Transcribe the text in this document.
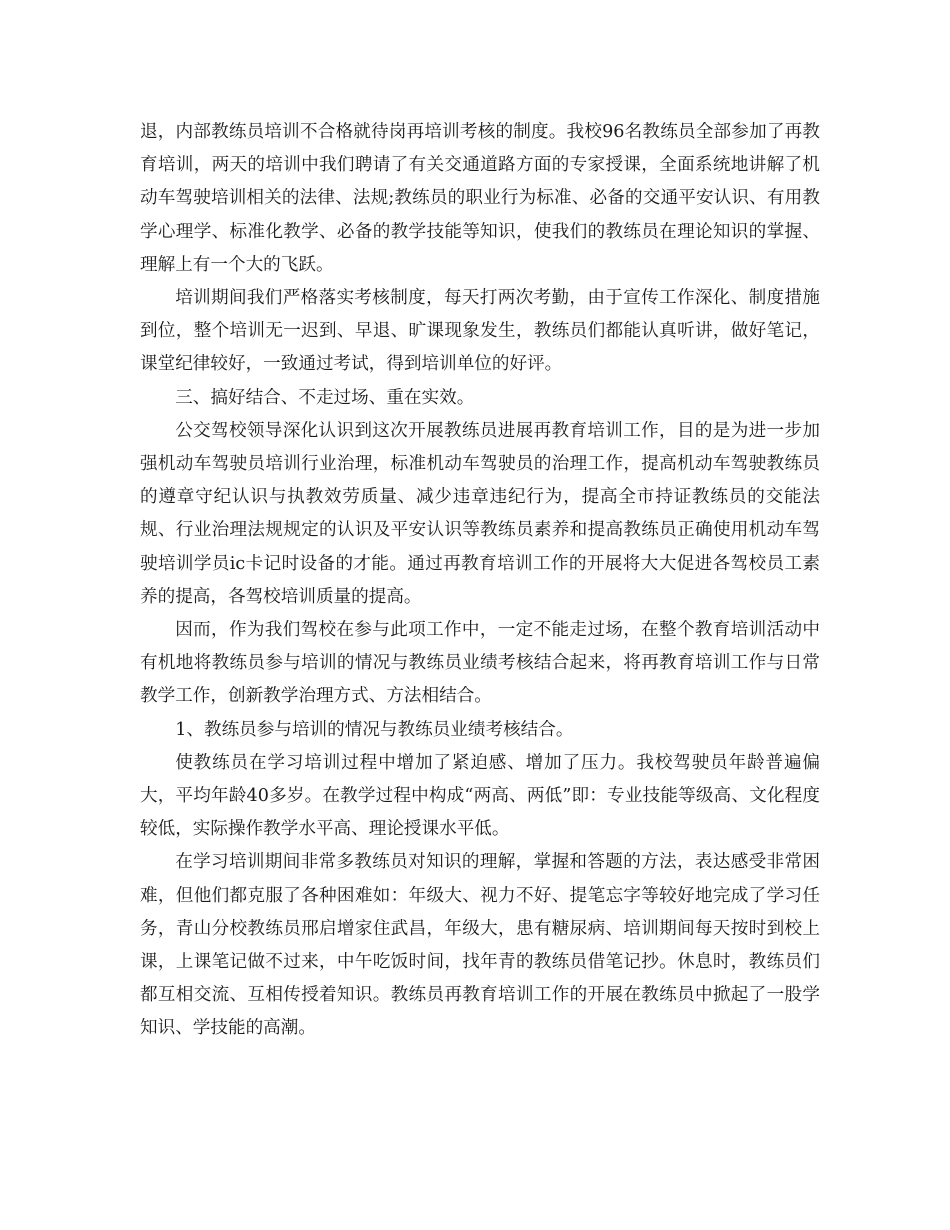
退，内部教练员培训不合格就待岗再培训考核的制度。我校96名教练员全部参加了再教育培训，两天的培训中我们聘请了有关交通道路方面的专家授课，全面系统地讲解了机动车驾驶培训相关的法律、法规;教练员的职业行为标准、必备的交通平安认识、有用教学心理学、标准化教学、必备的教学技能等知识，使我们的教练员在理论知识的掌握、理解上有一个大的飞跃。

培训期间我们严格落实考核制度，每天打两次考勤，由于宣传工作深化、制度措施到位，整个培训无一迟到、早退、旷课现象发生，教练员们都能认真听讲，做好笔记，课堂纪律较好，一致通过考试，得到培训单位的好评。

三、搞好结合、不走过场、重在实效。

公交驾校领导深化认识到这次开展教练员进展再教育培训工作，目的是为进一步加强机动车驾驶员培训行业治理，标准机动车驾驶员的治理工作，提高机动车驾驶教练员的遵章守纪认识与执教效劳质量、减少违章违纪行为，提高全市持证教练员的交能法规、行业治理法规规定的认识及平安认识等教练员素养和提高教练员正确使用机动车驾驶培训学员ic卡记时设备的才能。通过再教育培训工作的开展将大大促进各驾校员工素养的提高，各驾校培训质量的提高。

因而，作为我们驾校在参与此项工作中，一定不能走过场，在整个教育培训活动中有机地将教练员参与培训的情况与教练员业绩考核结合起来，将再教育培训工作与日常教学工作，创新教学治理方式、方法相结合。

1、教练员参与培训的情况与教练员业绩考核结合。

使教练员在学习培训过程中增加了紧迫感、增加了压力。我校驾驶员年龄普遍偏大，平均年龄40多岁。在教学过程中构成“两高、两低”即：专业技能等级高、文化程度较低，实际操作教学水平高、理论授课水平低。

在学习培训期间非常多教练员对知识的理解，掌握和答题的方法，表达感受非常困难，但他们都克服了各种困难如：年级大、视力不好、提笔忘字等较好地完成了学习任务，青山分校教练员邢启增家住武昌，年级大，患有糖尿病、培训期间每天按时到校上课，上课笔记做不过来，中午吃饭时间，找年青的教练员借笔记抄。休息时，教练员们都互相交流、互相传授着知识。教练员再教育培训工作的开展在教练员中掀起了一股学知识、学技能的高潮。
